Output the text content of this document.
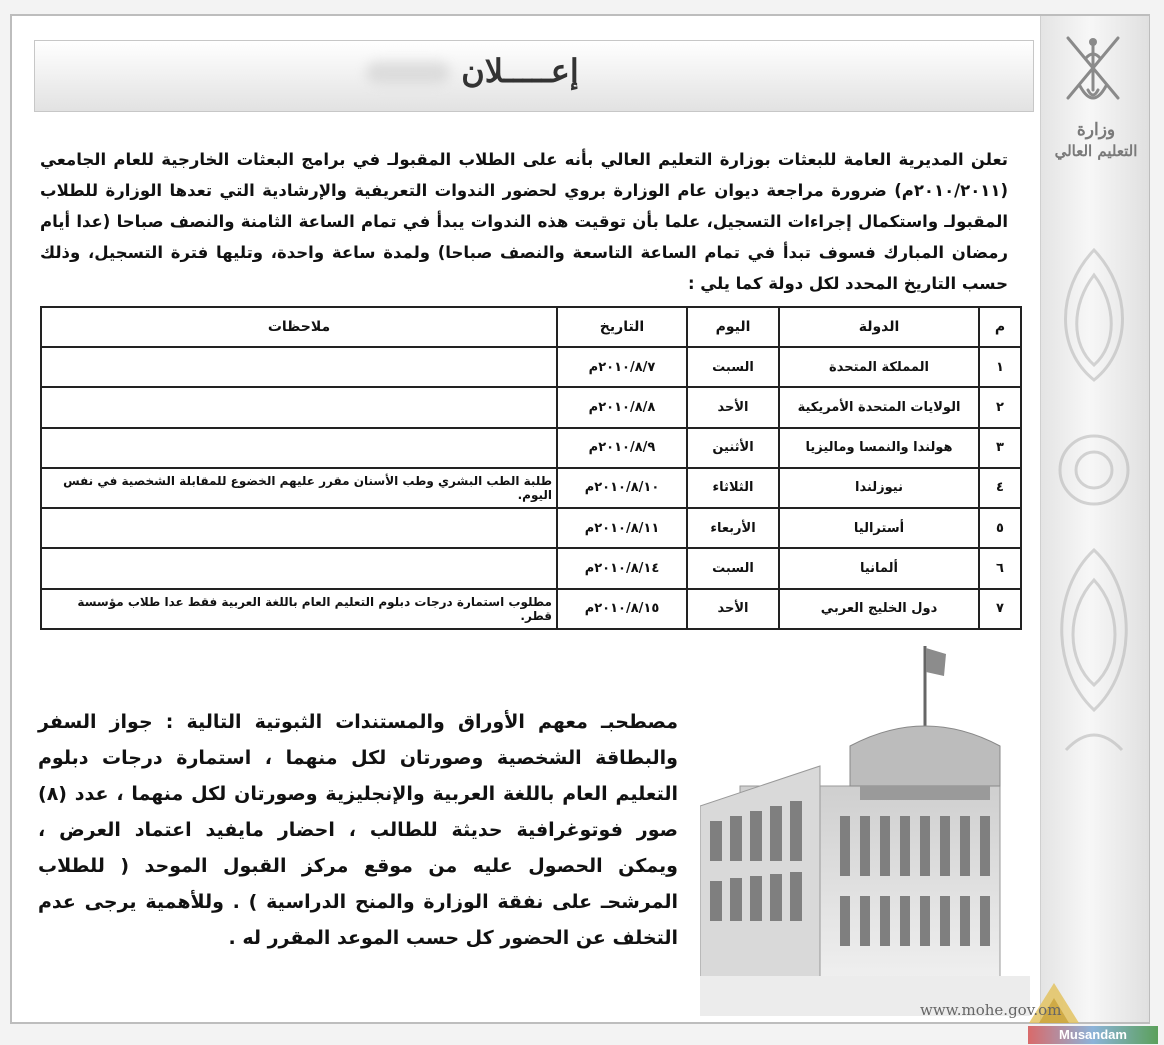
وزارة
التعليم العالي
إعـــــلان
تعلن المديرية العامة للبعثات بوزارة التعليم العالي بأنه على الطلاب المقبولـ في برامج البعثات الخارجية للعام الجامعي (٢٠١٠/٢٠١١م) ضرورة مراجعة ديوان عام الوزارة بروي لحضور الندوات التعريفية والإرشادية التي تعدها الوزارة للطلاب المقبولـ واستكمال إجراءات التسجيل، علما بأن توقيت هذه الندوات يبدأ في تمام الساعة الثامنة والنصف صباحا (عدا أيام رمضان المبارك فسوف تبدأ في تمام الساعة التاسعة والنصف صباحا) ولمدة ساعة واحدة، وتليها فترة التسجيل، وذلك حسب التاريخ المحدد لكل دولة كما يلي :
م	الدولة	اليوم	التاريخ	ملاحظات
١	المملكة المتحدة	السبت	٢٠١٠/٨/٧م	
٢	الولايات المتحدة الأمريكية	الأحد	٢٠١٠/٨/٨م	
٣	هولندا والنمسا وماليزيا	الأثنين	٢٠١٠/٨/٩م	
٤	نيوزلندا	الثلاثاء	٢٠١٠/٨/١٠م	طلبة الطب البشري وطب الأسنان مقرر عليهم الخضوع للمقابلة الشخصية في نفس اليوم.
٥	أستراليا	الأربعاء	٢٠١٠/٨/١١م	
٦	ألمانيا	السبت	٢٠١٠/٨/١٤م	
٧	دول الخليج العربي	الأحد	٢٠١٠/٨/١٥م	مطلوب استمارة درجات دبلوم التعليم العام باللغة العربية فقط عدا طلاب مؤسسة قطر.
مصطحبـ معهم الأوراق والمستندات الثبوتية التالية : جواز السفر والبطاقة الشخصية وصورتان لكل منهما ، استمارة درجات دبلوم التعليم العام باللغة العربية والإنجليزية وصورتان لكل منهما ، عدد (٨) صور فوتوغرافية حديثة للطالب ، احضار مايفيد اعتماد العرض ، ويمكن الحصول عليه من موقع مركز القبول الموحد ( للطلاب المرشحـ على نفقة الوزارة والمنح الدراسية ) . وللأهمية يرجى عدم التخلف عن الحضور كل حسب الموعد المقرر له .
www.mohe.gov.om
Musandam
